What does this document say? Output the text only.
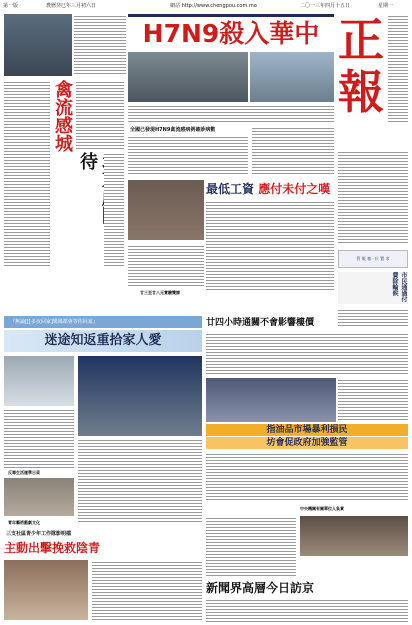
第一版	農曆癸巳年三月初六日	網站 http://www.chengpou.com.mo	二〇一三年四月十五日	星期一
正
報
管 飯 箱 · 位 置 求
市民通過付費除輪候
H7N9殺入華中
禽流感城
待
全國已發現H7N9禽流感病例確診病數
最低工資 應付未付之嘆
廿三至廿八元實驗雙課
『無論[[[多夜回家]媽媽都會等你回家』
迷途知返重拾家人愛
廿四小時通關不會影響樓價
反毒生活運學日菜
青年藝術戲劇文化
指油品市場暴利損民
坊會促政府加強監管
中央機關有關單位人負責
三支社區青少年工作隊影明檔
主動出擊挽救陰青
新聞界高層今日訪京
